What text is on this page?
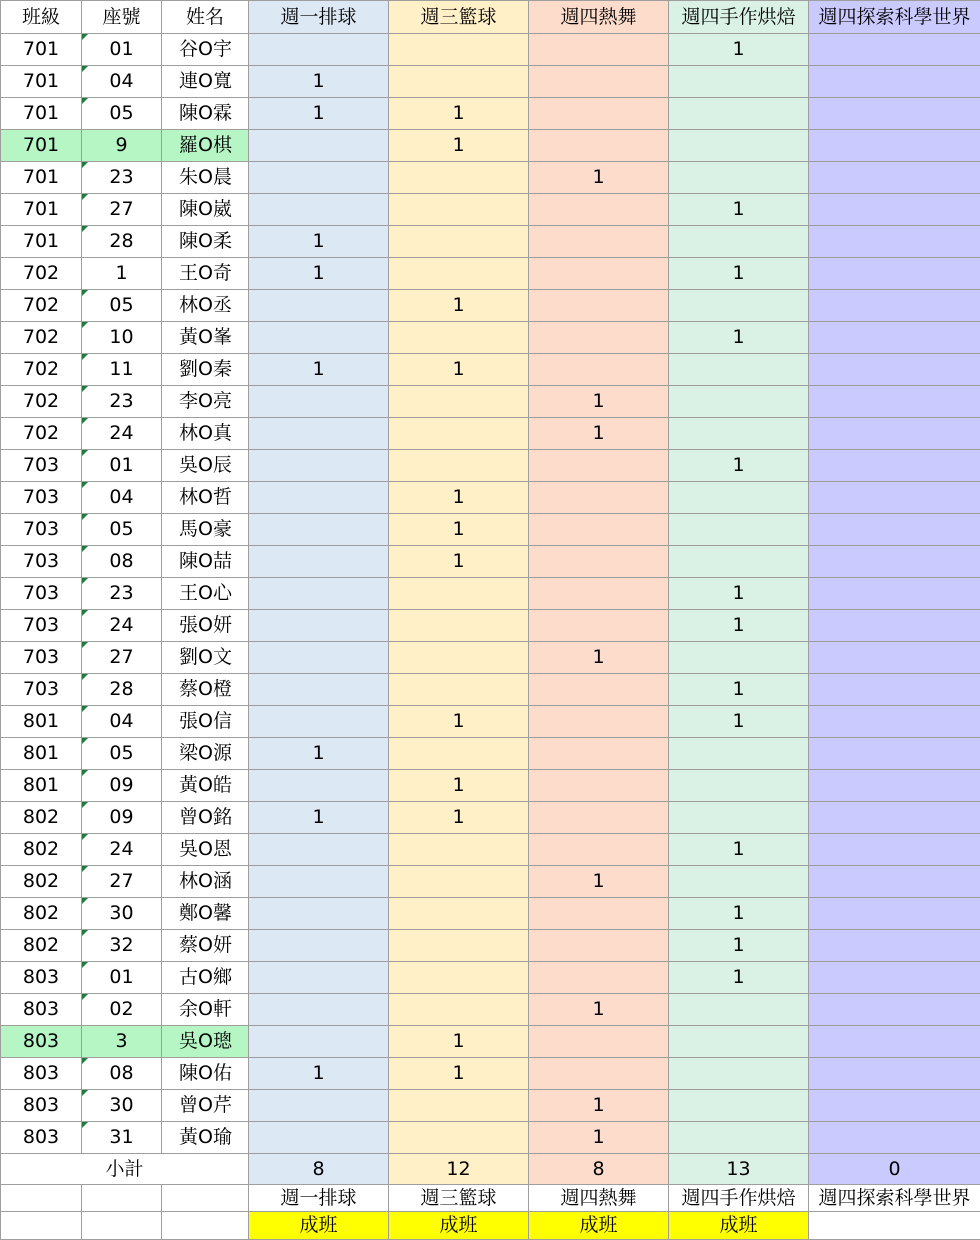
班級	座號	姓名	週一排球	週三籃球	週四熱舞	週四手作烘焙	週四探索科學世界
701	01	谷O宇				1	
701	04	連O寬	1				
701	05	陳O霖	1	1			
701	9	羅O棋		1			
701	23	朱O晨			1		
701	27	陳O崴				1	
701	28	陳O柔	1				
702	1	王O奇	1			1	
702	05	林O丞		1			
702	10	黃O峯				1	
702	11	劉O秦	1	1			
702	23	李O亮			1		
702	24	林O真			1		
703	01	吳O辰				1	
703	04	林O哲		1			
703	05	馬O豪		1			
703	08	陳O喆		1			
703	23	王O心				1	
703	24	張O妍				1	
703	27	劉O文			1		
703	28	蔡O橙				1	
801	04	張O信		1		1	
801	05	梁O源	1				
801	09	黃O皓		1			
802	09	曾O銘	1	1			
802	24	吳O恩				1	
802	27	林O涵			1		
802	30	鄭O馨				1	
802	32	蔡O妍				1	
803	01	古O鄉				1	
803	02	余O軒			1		
803	3	吳O璁		1			
803	08	陳O佑	1	1			
803	30	曾O芹			1		
803	31	黃O瑜			1		
小計			8	12	8	13	0
			週一排球	週三籃球	週四熱舞	週四手作烘焙	週四探索科學世界
			成班	成班	成班	成班	
